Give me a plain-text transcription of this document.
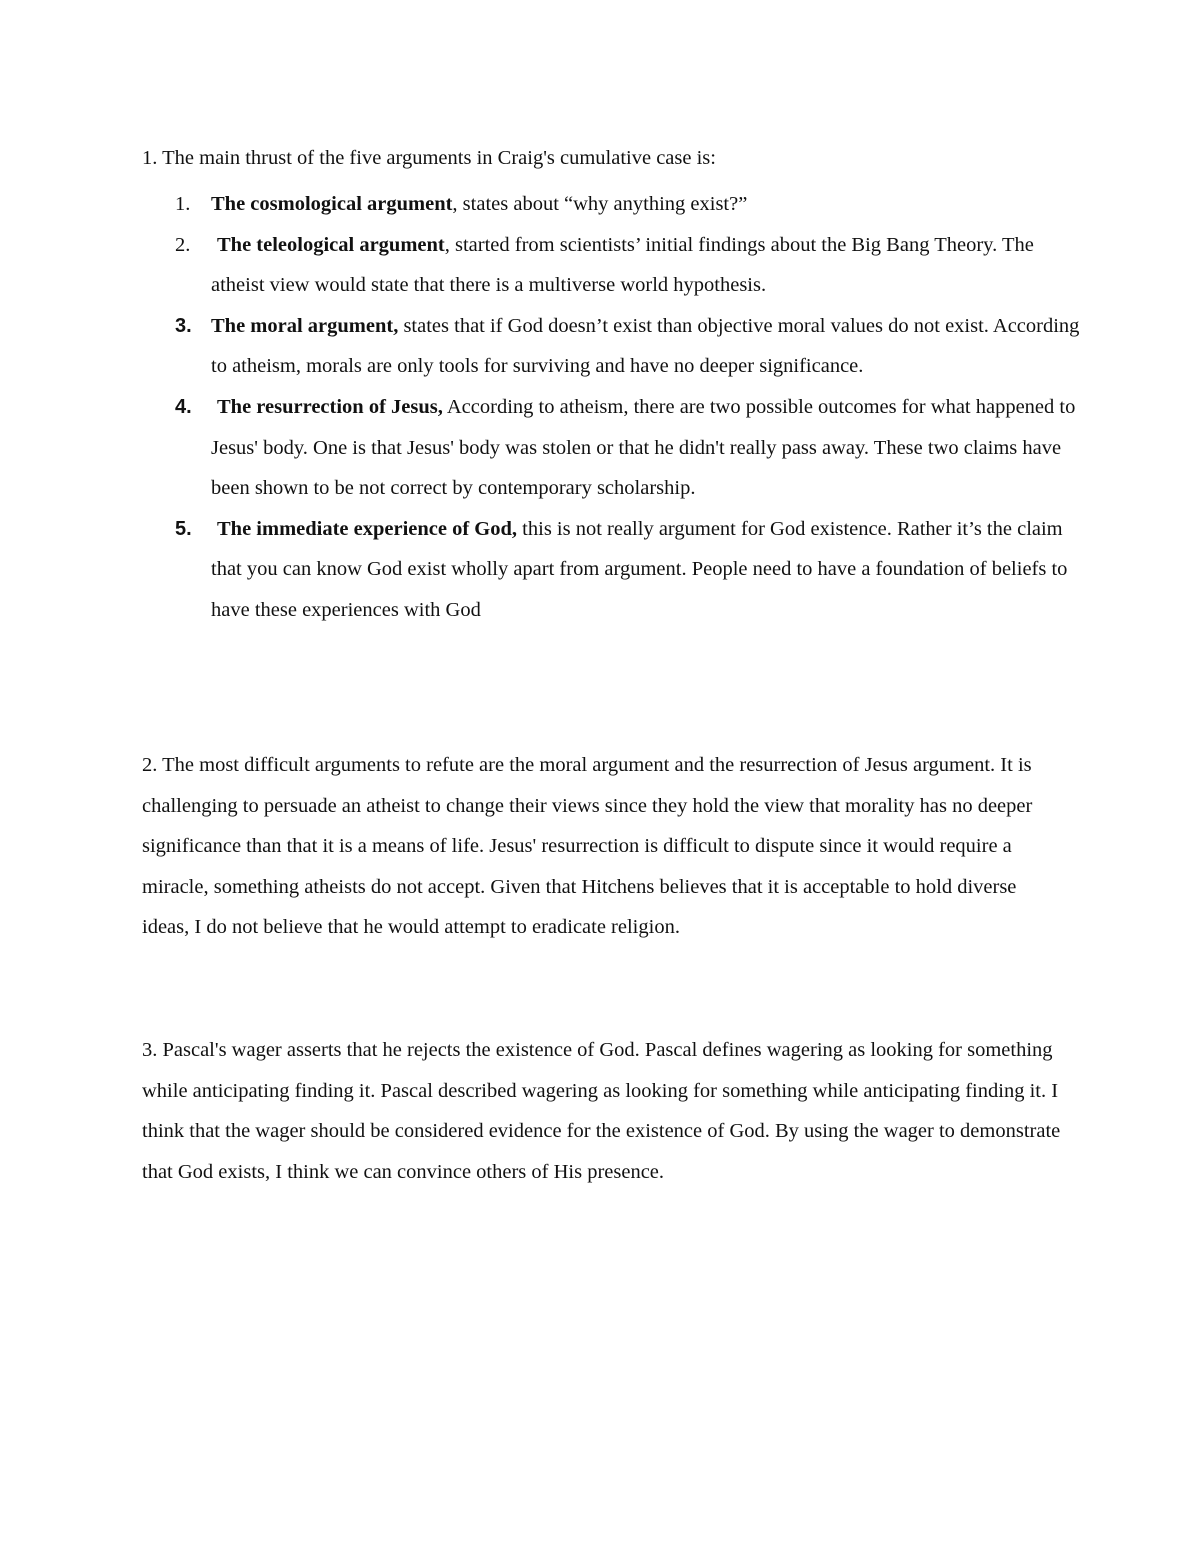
1. The main thrust of the five arguments in Craig's cumulative case is:
1. The cosmological argument, states about “why anything exist?”
2. The teleological argument, started from scientists’ initial findings about the Big Bang Theory. The atheist view would state that there is a multiverse world hypothesis.
3. The moral argument, states that if God doesn’t exist than objective moral values do not exist. According to atheism, morals are only tools for surviving and have no deeper significance.
4. The resurrection of Jesus, According to atheism, there are two possible outcomes for what happened to Jesus' body. One is that Jesus' body was stolen or that he didn't really pass away. These two claims have been shown to be not correct by contemporary scholarship.
5. The immediate experience of God, this is not really argument for God existence. Rather it’s the claim that you can know God exist wholly apart from argument. People need to have a foundation of beliefs to have these experiences with God

2. The most difficult arguments to refute are the moral argument and the resurrection of Jesus argument. It is challenging to persuade an atheist to change their views since they hold the view that morality has no deeper significance than that it is a means of life. Jesus' resurrection is difficult to dispute since it would require a miracle, something atheists do not accept. Given that Hitchens believes that it is acceptable to hold diverse ideas, I do not believe that he would attempt to eradicate religion.

3. Pascal's wager asserts that he rejects the existence of God. Pascal defines wagering as looking for something while anticipating finding it. Pascal described wagering as looking for something while anticipating finding it. I think that the wager should be considered evidence for the existence of God. By using the wager to demonstrate that God exists, I think we can convince others of His presence.
